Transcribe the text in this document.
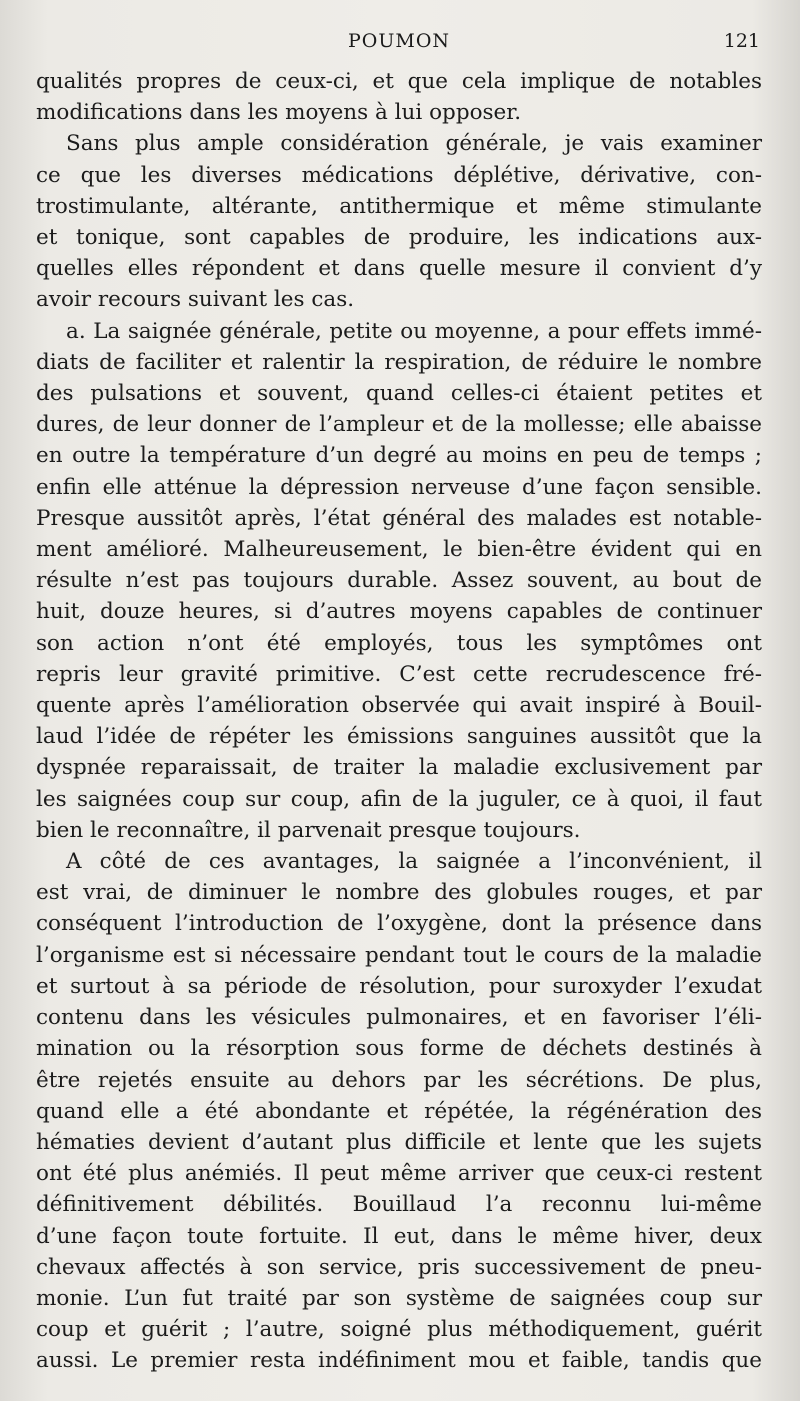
POUMON	121
qualités propres de ceux-ci, et que cela implique de notables
modifications dans les moyens à lui opposer.
Sans plus ample considération générale, je vais examiner
ce que les diverses médications déplétive, dérivative, con-
trostimulante, altérante, antithermique et même stimulante
et tonique, sont capables de produire, les indications aux-
quelles elles répondent et dans quelle mesure il convient d’y
avoir recours suivant les cas.
a. La saignée générale, petite ou moyenne, a pour effets immé-
diats de faciliter et ralentir la respiration, de réduire le nombre
des pulsations et souvent, quand celles-ci étaient petites et
dures, de leur donner de l’ampleur et de la mollesse; elle abaisse
en outre la température d’un degré au moins en peu de temps ;
enfin elle atténue la dépression nerveuse d’une façon sensible.
Presque aussitôt après, l’état général des malades est notable-
ment amélioré. Malheureusement, le bien-être évident qui en
résulte n’est pas toujours durable. Assez souvent, au bout de
huit, douze heures, si d’autres moyens capables de continuer
son action n’ont été employés, tous les symptômes ont
repris leur gravité primitive. C’est cette recrudescence fré-
quente après l’amélioration observée qui avait inspiré à Bouil-
laud l’idée de répéter les émissions sanguines aussitôt que la
dyspnée reparaissait, de traiter la maladie exclusivement par
les saignées coup sur coup, afin de la juguler, ce à quoi, il faut
bien le reconnaître, il parvenait presque toujours.
A côté de ces avantages, la saignée a l’inconvénient, il
est vrai, de diminuer le nombre des globules rouges, et par
conséquent l’introduction de l’oxygène, dont la présence dans
l’organisme est si nécessaire pendant tout le cours de la maladie
et surtout à sa période de résolution, pour suroxyder l’exudat
contenu dans les vésicules pulmonaires, et en favoriser l’éli-
mination ou la résorption sous forme de déchets destinés à
être rejetés ensuite au dehors par les sécrétions. De plus,
quand elle a été abondante et répétée, la régénération des
hématies devient d’autant plus difficile et lente que les sujets
ont été plus anémiés. Il peut même arriver que ceux-ci restent
définitivement débilités. Bouillaud l’a reconnu lui-même
d’une façon toute fortuite. Il eut, dans le même hiver, deux
chevaux affectés à son service, pris successivement de pneu-
monie. L’un fut traité par son système de saignées coup sur
coup et guérit ; l’autre, soigné plus méthodiquement, guérit
aussi. Le premier resta indéfiniment mou et faible, tandis que
